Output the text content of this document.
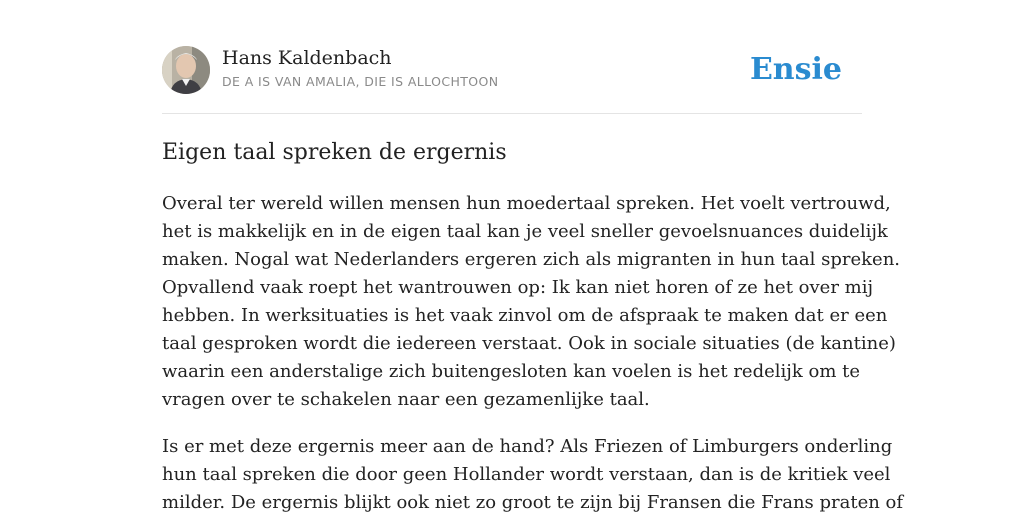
Hans Kaldenbach
DE A IS VAN AMALIA, DIE IS ALLOCHTOON	Ensie
Eigen taal spreken de ergernis
Overal ter wereld willen mensen hun moedertaal spreken. Het voelt vertrouwd,
het is makkelijk en in de eigen taal kan je veel sneller gevoelsnuances duidelijk
maken. Nogal wat Nederlanders ergeren zich als migranten in hun taal spreken.
Opvallend vaak roept het wantrouwen op: Ik kan niet horen of ze het over mij
hebben. In werksituaties is het vaak zinvol om de afspraak te maken dat er een
taal gesproken wordt die iedereen verstaat. Ook in sociale situaties (de kantine)
waarin een anderstalige zich buitengesloten kan voelen is het redelijk om te
vragen over te schakelen naar een gezamenlijke taal.
Is er met deze ergernis meer aan de hand? Als Friezen of Limburgers onderling
hun taal spreken die door geen Hollander wordt verstaan, dan is de kritiek veel
milder. De ergernis blijkt ook niet zo groot te zijn bij Fransen die Frans praten of
